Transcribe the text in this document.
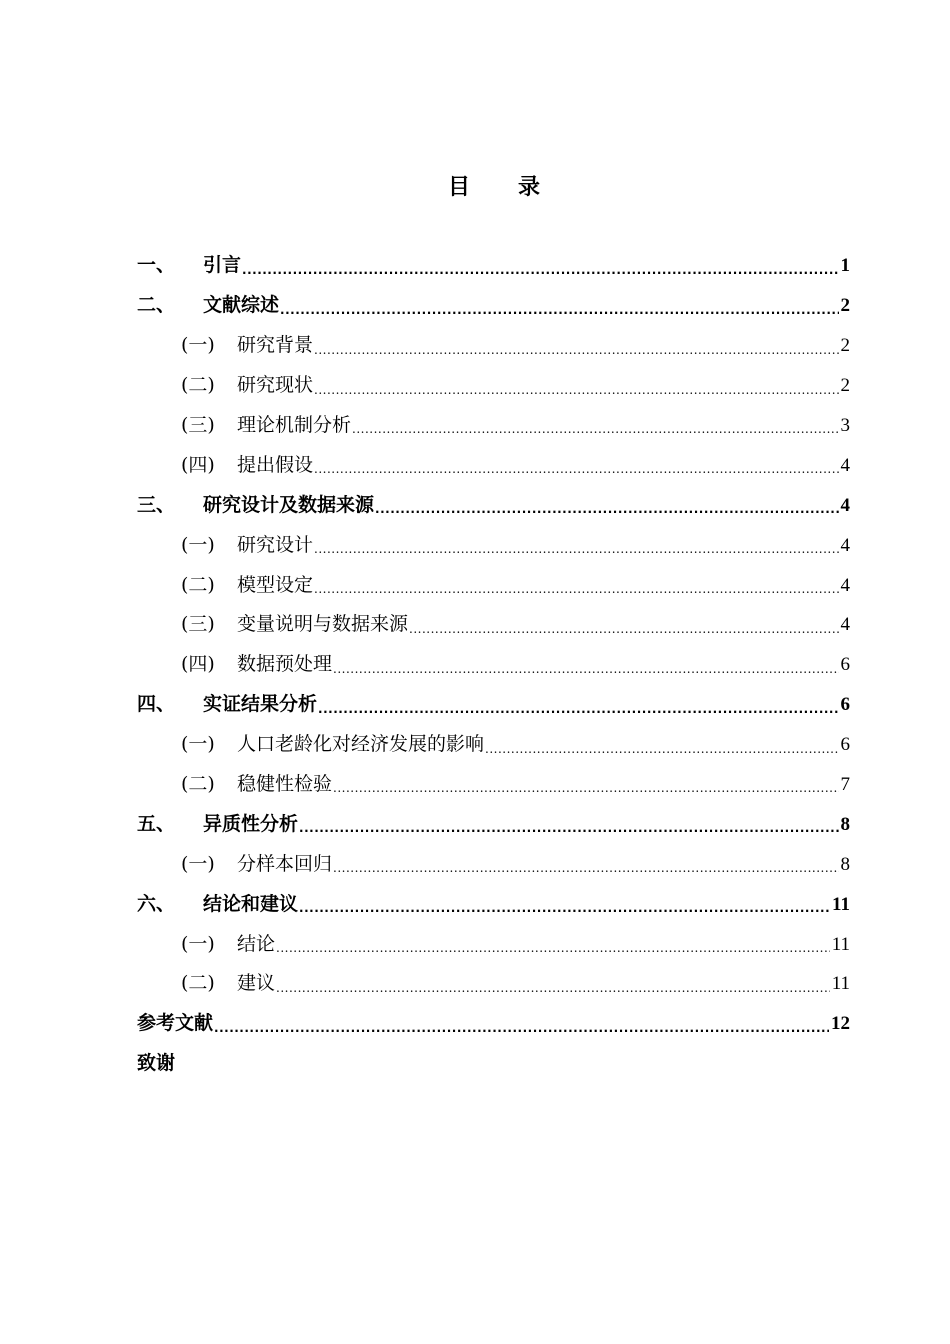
目 录
一、	引言 .....	1
二、	文献综述 .....	2
(一)	研究背景 .....	2
(二)	研究现状 .....	2
(三)	理论机制分析 .....	3
(四)	提出假设 .....	4
三、	研究设计及数据来源 .....	4
(一)	研究设计 .....	4
(二)	模型设定 .....	4
(三)	变量说明与数据来源 .....	4
(四)	数据预处理 .....	6
四、	实证结果分析 .....	6
(一)	人口老龄化对经济发展的影响 .....	6
(二)	稳健性检验 .....	7
五、	异质性分析 .....	8
(一)	分样本回归 .....	8
六、	结论和建议 .....	11
(一)	结论 .....	11
(二)	建议 .....	11
参考文献 .....	12
致谢
